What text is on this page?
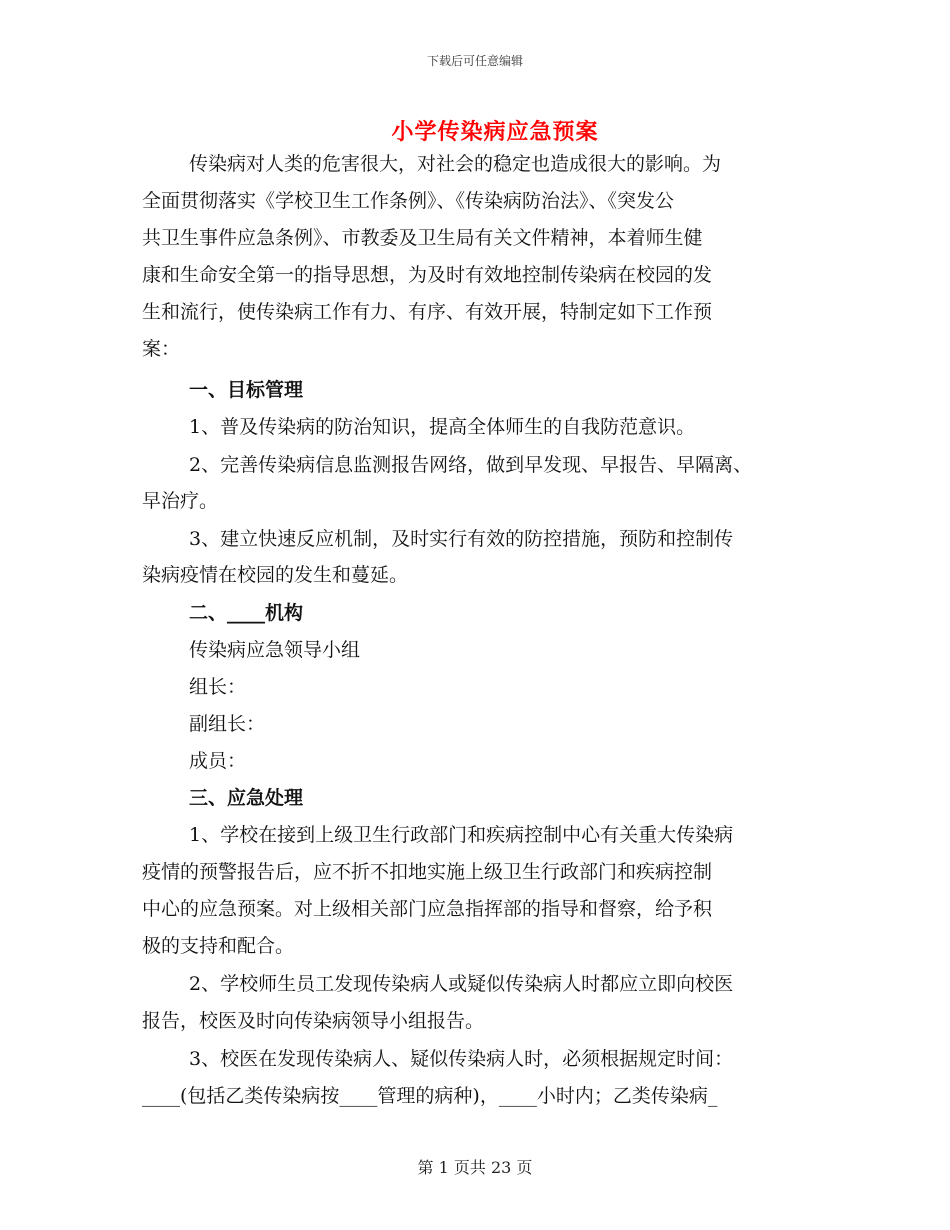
下载后可任意编辑
小学传染病应急预案
传染病对人类的危害很大，对社会的稳定也造成很大的影响。为
全面贯彻落实《学校卫生工作条例》、《传染病防治法》、《突发公
共卫生事件应急条例》、市教委及卫生局有关文件精神，本着师生健
康和生命安全第一的指导思想，为及时有效地控制传染病在校园的发
生和流行，使传染病工作有力、有序、有效开展，特制定如下工作预
案：
一、目标管理
1、普及传染病的防治知识，提高全体师生的自我防范意识。
2、完善传染病信息监测报告网络，做到早发现、早报告、早隔离、
早治疗。
3、建立快速反应机制，及时实行有效的防控措施，预防和控制传
染病疫情在校园的发生和蔓延。
二、____机构
传染病应急领导小组
组长：
副组长：
成员：
三、应急处理
1、学校在接到上级卫生行政部门和疾病控制中心有关重大传染病
疫情的预警报告后，应不折不扣地实施上级卫生行政部门和疾病控制
中心的应急预案。对上级相关部门应急指挥部的指导和督察，给予积
极的支持和配合。
2、学校师生员工发现传染病人或疑似传染病人时都应立即向校医
报告，校医及时向传染病领导小组报告。
3、校医在发现传染病人、疑似传染病人时，必须根据规定时间：
____(包括乙类传染病按____管理的病种)，____小时内；乙类传染病_
第 1 页共 23 页
